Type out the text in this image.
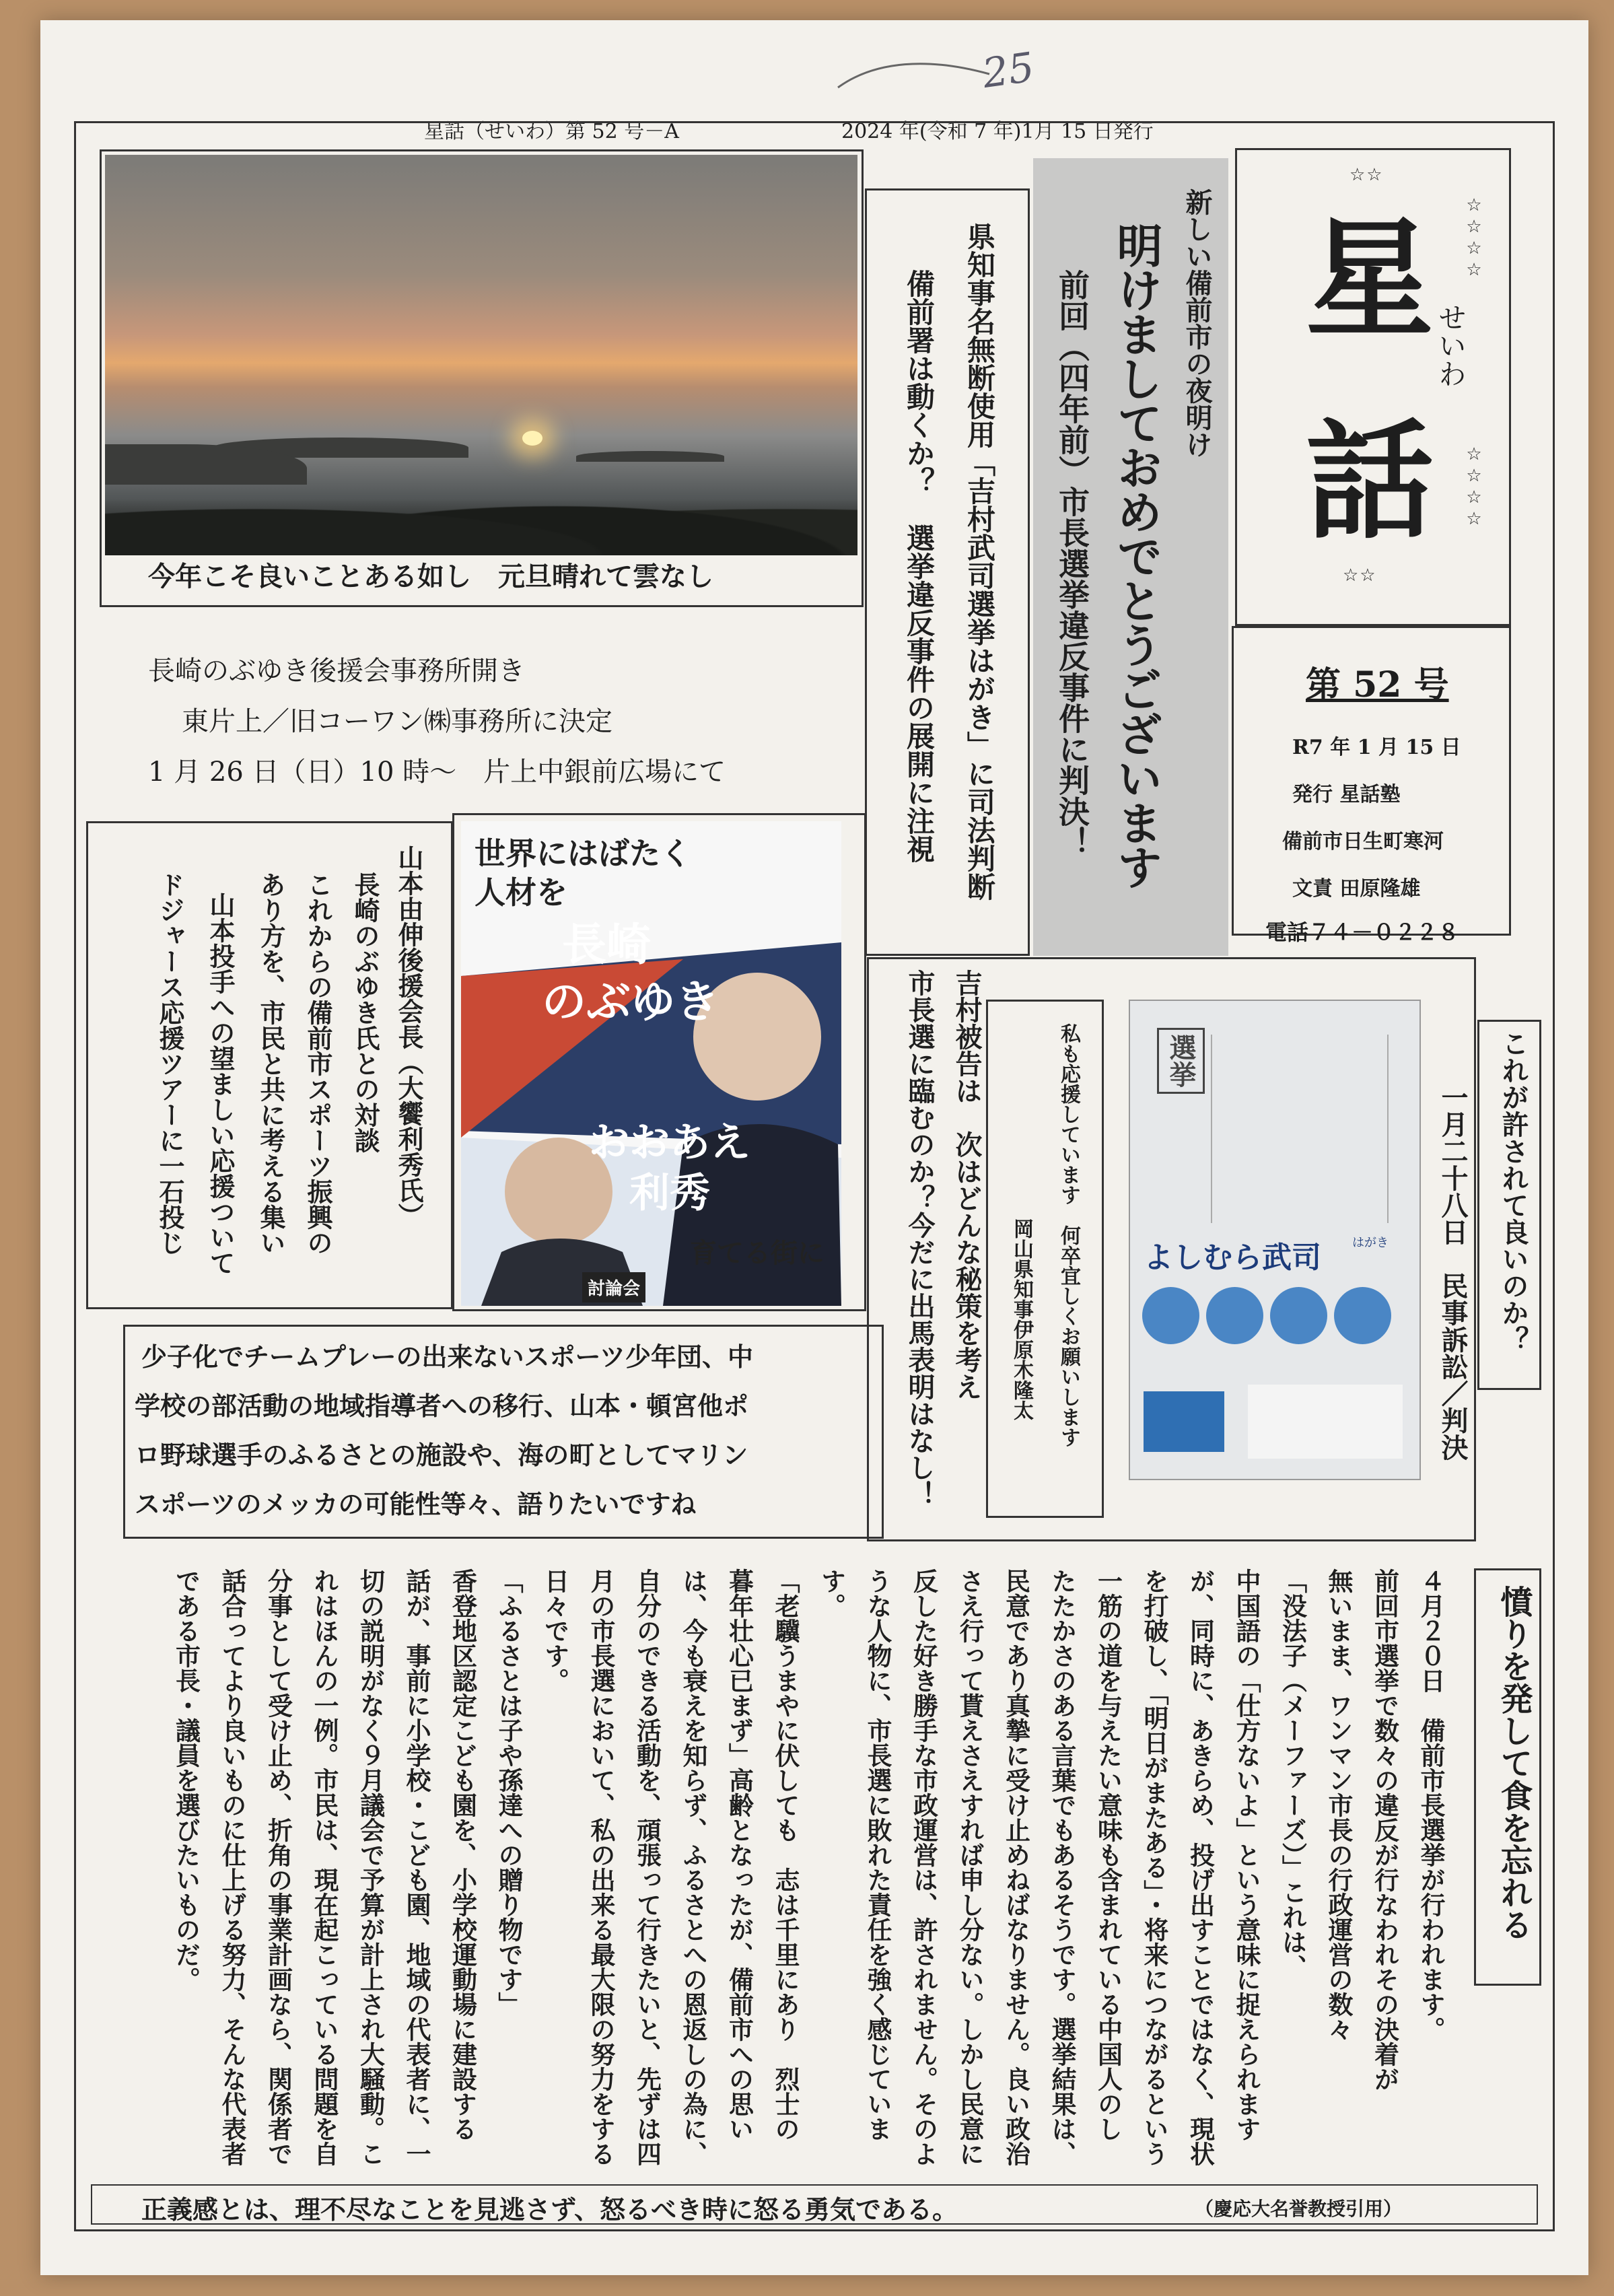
25
星話（せいわ）第 52 号－A	2024 年(令和 7 年)1月 15 日発行
今年こそ良いことある如し　元旦晴れて雲なし
☆☆
星 ☆☆☆☆
せいわ
話 ☆☆☆☆
☆☆
第 52 号
R7 年 1 月 15 日
発行 星話塾
備前市日生町寒河
文責 田原隆雄
電話７４－０２２８
新しい備前市の夜明け
明けましておめでとうございます
前回（四年前）市長選挙違反事件に判決！
県知事名無断使用「吉村武司選挙はがき」に司法判断
備前署は動くか？　選挙違反事件の展開に注視
長崎のぶゆき後援会事務所開き
東片上／旧コーワン㈱事務所に決定
1 月 26 日（日）10 時～　片上中銀前広場にて
山本由伸後援会長（大饗利秀氏）
長崎のぶゆき氏との対談
これからの備前市スポーツ振興の
あり方を、市民と共に考える集い
山本投手への望ましい応援ついて
ドジャース応援ツアーに一石投じ
世界にはばたく
人材を
長崎
のぶゆき
おおあえ
利秀
育てる街に
討論会
少子化でチームプレーの出来ないスポーツ少年団、中
学校の部活動の地域指導者への移行、山本・頓宮他ポ
ロ野球選手のふるさとの施設や、海の町としてマリン
スポーツのメッカの可能性等々、語りたいですね
吉村被告は　次はどんな秘策を考え
市長選に臨むのか？今だに出馬表明はなし！	私も応援しています　何卒宜しくお願いします
岡山県知事伊原木隆太
選挙
よしむら武司	はがき	これが許されて良いのか？
一月二十八日　民事訴訟／判決
憤りを発して食を忘れる
４月２０日　備前市長選挙が行われます。
前回市選挙で数々の違反が行なわれその決着が
無いまま、ワンマン市長の行政運営の数々
「没法子（メーファーズ）」これは、
中国語の「仕方ないよ」という意味に捉えられます
が、同時に、あきらめ、投げ出すことではなく、現状
を打破し、「明日がまたある」・将来につながるという
一筋の道を与えたい意味も含まれている中国人のし
たたかさのある言葉でもあるそうです。選挙結果は、
民意であり真摯に受け止めねばなりません。良い政治
さえ行って貰えさえすれば申し分ない。しかし民意に
反した好き勝手な市政運営は、許されません。そのよ
うな人物に、市長選に敗れた責任を強く感じていま
す。
「老驥うまやに伏しても　志は千里にあり　烈士の
暮年壮心已まず」高齢となったが、備前市への思い
は、今も衰えを知らず、ふるさとへの恩返しの為に、
自分のできる活動を、頑張って行きたいと、先ずは四
月の市長選において、私の出来る最大限の努力をする
日々です。
「ふるさとは子や孫達への贈り物です」
香登地区認定こども園を、小学校運動場に建設する
話が、事前に小学校・こども園、地域の代表者に、一
切の説明がなく９月議会で予算が計上され大騒動。こ
れはほんの一例。市民は、現在起こっている問題を自
分事として受け止め、折角の事業計画なら、関係者で
話合ってより良いものに仕上げる努力、そんな代表者
である市長・議員を選びたいものだ。
正義感とは、理不尽なことを見逃さず、怒るべき時に怒る勇気である。	（慶応大名誉教授引用）
